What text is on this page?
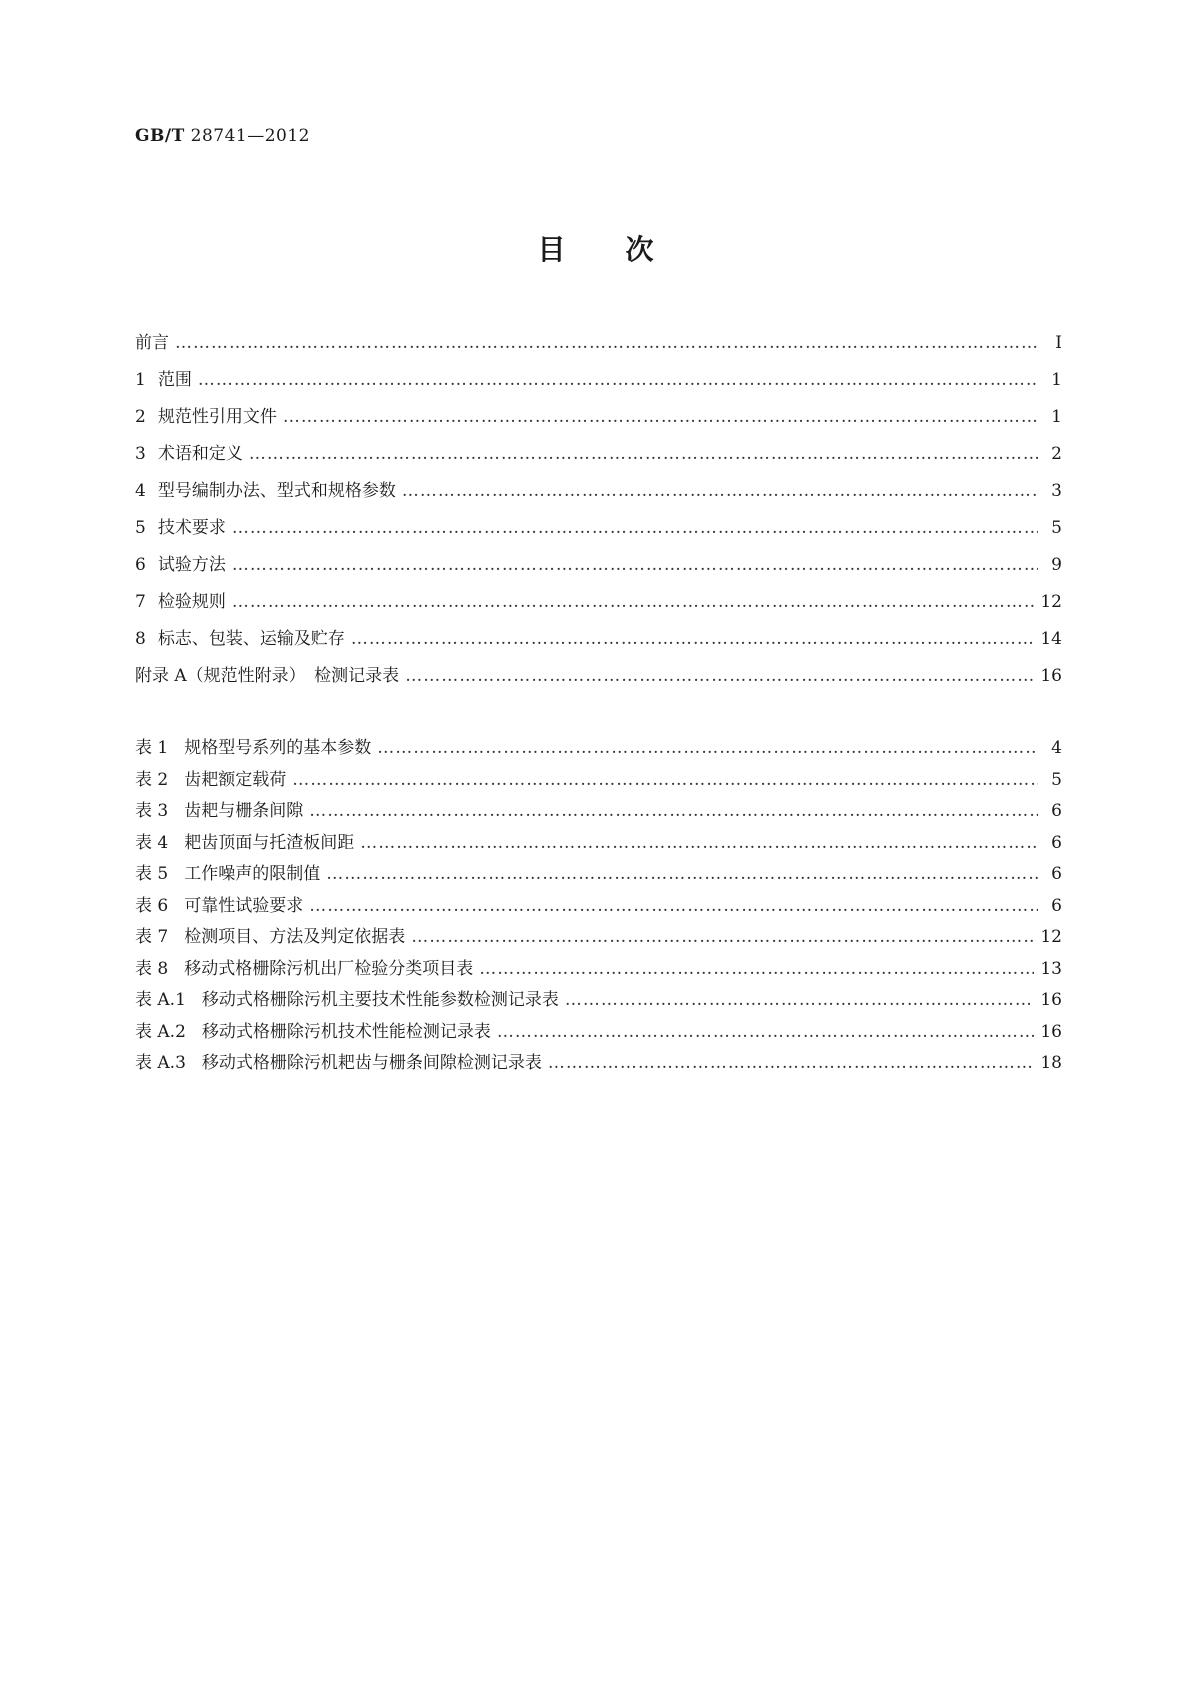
GB/T 28741—2012
目 次
前言 …………………………………………………………………………………………………………………………………………………………………………………………………………	Ⅰ
1 范围 …………………………………………………………………………………………………………………………………………………………………………………………………………	1
2 规范性引用文件 …………………………………………………………………………………………………………………………………………………………………………………………………………	1
3 术语和定义 …………………………………………………………………………………………………………………………………………………………………………………………………………	2
4 型号编制办法、型式和规格参数 …………………………………………………………………………………………………………………………………………………………………………………………………………	3
5 技术要求 …………………………………………………………………………………………………………………………………………………………………………………………………………	5
6 试验方法 …………………………………………………………………………………………………………………………………………………………………………………………………………	9
7 检验规则 …………………………………………………………………………………………………………………………………………………………………………………………………………	12
8 标志、包装、运输及贮存 …………………………………………………………………………………………………………………………………………………………………………………………………………	14
附录 A（规范性附录）　检测记录表 …………………………………………………………………………………………………………………………………………………………………………………………………………	16
表 1 规格型号系列的基本参数 …………………………………………………………………………………………………………………………………………………………………………………………………………	4
表 2 齿耙额定载荷 …………………………………………………………………………………………………………………………………………………………………………………………………………	5
表 3 齿耙与栅条间隙 …………………………………………………………………………………………………………………………………………………………………………………………………………	6
表 4 耙齿顶面与托渣板间距 …………………………………………………………………………………………………………………………………………………………………………………………………………	6
表 5 工作噪声的限制值 …………………………………………………………………………………………………………………………………………………………………………………………………………	6
表 6 可靠性试验要求 …………………………………………………………………………………………………………………………………………………………………………………………………………	6
表 7 检测项目、方法及判定依据表 …………………………………………………………………………………………………………………………………………………………………………………………………………	12
表 8 移动式格栅除污机出厂检验分类项目表 …………………………………………………………………………………………………………………………………………………………………………………………………………	13
表 A.1 移动式格栅除污机主要技术性能参数检测记录表 …………………………………………………………………………………………………………………………………………………………………………………………………………	16
表 A.2 移动式格栅除污机技术性能检测记录表 …………………………………………………………………………………………………………………………………………………………………………………………………………	16
表 A.3 移动式格栅除污机耙齿与栅条间隙检测记录表 …………………………………………………………………………………………………………………………………………………………………………………………………………	18
